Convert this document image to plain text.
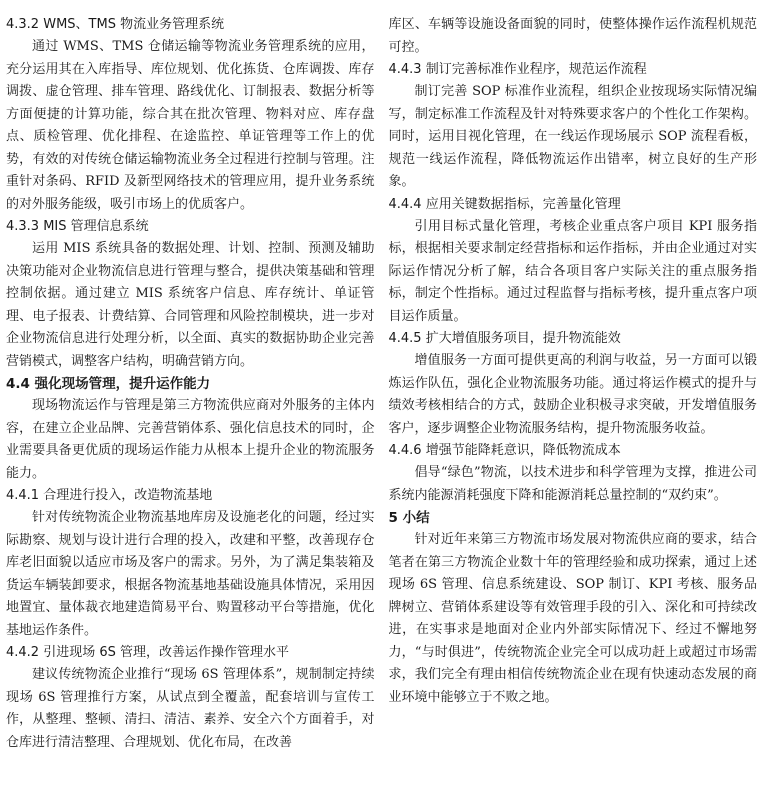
4.3.2 WMS、TMS 物流业务管理系统

通过 WMS、TMS 仓储运输等物流业务管理系统的应用，充分运用其在入库指导、库位规划、优化拣货、仓库调拨、库存调拨、虚仓管理、排车管理、路线优化、订制报表、数据分析等方面便捷的计算功能，综合其在批次管理、物料对应、库存盘点、质检管理、优化排程、在途监控、单证管理等工作上的优势，有效的对传统仓储运输物流业务全过程进行控制与管理。注重针对条码、RFID 及新型网络技术的管理应用，提升业务系统的对外服务能级，吸引市场上的优质客户。

4.3.3 MIS 管理信息系统

运用 MIS 系统具备的数据处理、计划、控制、预测及辅助决策功能对企业物流信息进行管理与整合，提供决策基础和管理控制依据。通过建立 MIS 系统客户信息、库存统计、单证管理、电子报表、计费结算、合同管理和风险控制模块，进一步对企业物流信息进行处理分析，以全面、真实的数据协助企业完善营销模式，调整客户结构，明确营销方向。

4.4 强化现场管理，提升运作能力

现场物流运作与管理是第三方物流供应商对外服务的主体内容，在建立企业品牌、完善营销体系、强化信息技术的同时，企业需要具备更优质的现场运作能力从根本上提升企业的物流服务能力。

4.4.1 合理进行投入，改造物流基地

针对传统物流企业物流基地库房及设施老化的问题，经过实际勘察、规划与设计进行合理的投入，改建和平整，改善现存仓库老旧面貌以适应市场及客户的需求。另外，为了满足集装箱及货运车辆装卸要求，根据各物流基地基础设施具体情况，采用因地置宜、量体裁衣地建造简易平台、购置移动平台等措施，优化基地运作条件。

4.4.2 引进现场 6S 管理，改善运作操作管理水平

建议传统物流企业推行“现场 6S 管理体系”，规制制定持续现场 6S 管理推行方案，从试点到全覆盖，配套培训与宣传工作，从整理、整顿、清扫、清洁、素养、安全六个方面着手，对仓库进行清洁整理、合理规划、优化布局，在改善

库区、车辆等设施设备面貌的同时，使整体操作运作流程机规范可控。

4.4.3 制订完善标准作业程序，规范运作流程

制订完善 SOP 标准作业流程，组织企业按现场实际情况编写，制定标准工作流程及针对特殊要求客户的个性化工作架构。同时，运用目视化管理，在一线运作现场展示 SOP 流程看板，规范一线运作流程，降低物流运作出错率，树立良好的生产形象。

4.4.4 应用关键数据指标，完善量化管理

引用目标式量化管理，考核企业重点客户项目 KPI 服务指标，根据相关要求制定经营指标和运作指标，并由企业通过对实际运作情况分析了解，结合各项目客户实际关注的重点服务指标，制定个性指标。通过过程监督与指标考核，提升重点客户项目运作质量。

4.4.5 扩大增值服务项目，提升物流能效

增值服务一方面可提供更高的利润与收益，另一方面可以锻炼运作队伍，强化企业物流服务功能。通过将运作模式的提升与绩效考核相结合的方式，鼓励企业积极寻求突破，开发增值服务客户，逐步调整企业物流服务结构，提升物流服务收益。

4.4.6 增强节能降耗意识，降低物流成本

倡导“绿色”物流，以技术进步和科学管理为支撑，推进公司系统内能源消耗强度下降和能源消耗总量控制的“双约束”。

5 小结

针对近年来第三方物流市场发展对物流供应商的要求，结合笔者在第三方物流企业数十年的管理经验和成功探索，通过上述现场 6S 管理、信息系统建设、SOP 制订、KPI 考核、服务品牌树立、营销体系建设等有效管理手段的引入、深化和可持续改进，在实事求是地面对企业内外部实际情况下、经过不懈地努力，“与时俱进”，传统物流企业完全可以成功赶上或超过市场需求，我们完全有理由相信传统物流企业在现有快速动态发展的商业环境中能够立于不败之地。
